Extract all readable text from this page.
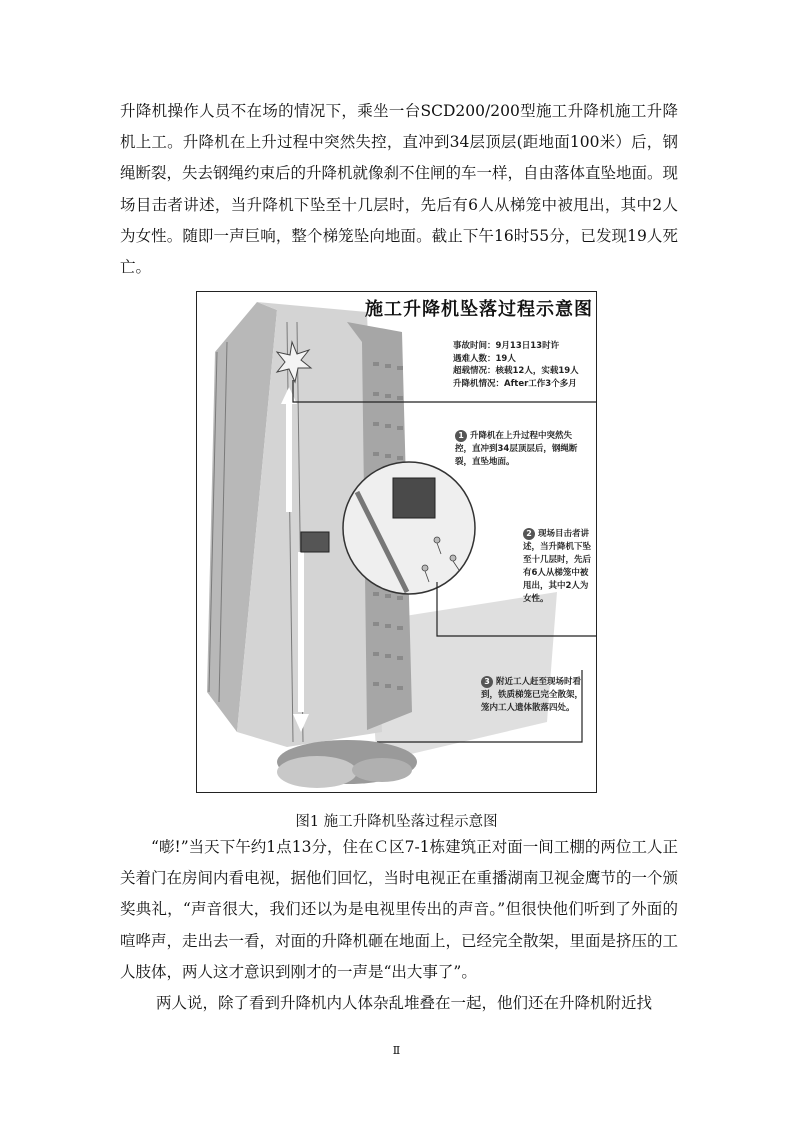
升降机操作人员不在场的情况下，乘坐一台SCD200/200型施工升降机施工升降机上工。升降机在上升过程中突然失控，直冲到34层顶层(距地面100米）后，钢绳断裂，失去钢绳约束后的升降机就像刹不住闸的车一样，自由落体直坠地面。现场目击者讲述，当升降机下坠至十几层时，先后有6人从梯笼中被甩出，其中2人为女性。随即一声巨响，整个梯笼坠向地面。截止下午16时55分，已发现19人死亡。

施工升降机坠落过程示意图
事故时间：9月13日13时许
遇难人数：19人
超载情况：核载12人，实载19人
升降机情况：After工作3个多月
1 升降机在上升过程中突然失控，直冲到34层顶层后，钢绳断裂，直坠地面。
2 现场目击者讲述，当升降机下坠至十几层时，先后有6人从梯笼中被甩出，其中2人为女性。
3 附近工人赶至现场时看到，铁质梯笼已完全散架，笼内工人遗体散落四处。
图1 施工升降机坠落过程示意图

“嘭!”当天下午约1点13分，住在Ｃ区7-1栋建筑正对面一间工棚的两位工人正关着门在房间内看电视，据他们回忆，当时电视正在重播湖南卫视金鹰节的一个颁奖典礼，“声音很大，我们还以为是电视里传出的声音。”但很快他们听到了外面的喧哗声，走出去一看，对面的升降机砸在地面上，已经完全散架，里面是挤压的工人肢体，两人这才意识到刚才的一声是“出大事了”。

两人说，除了看到升降机内人体杂乱堆叠在一起，他们还在升降机附近找

Ⅱ
